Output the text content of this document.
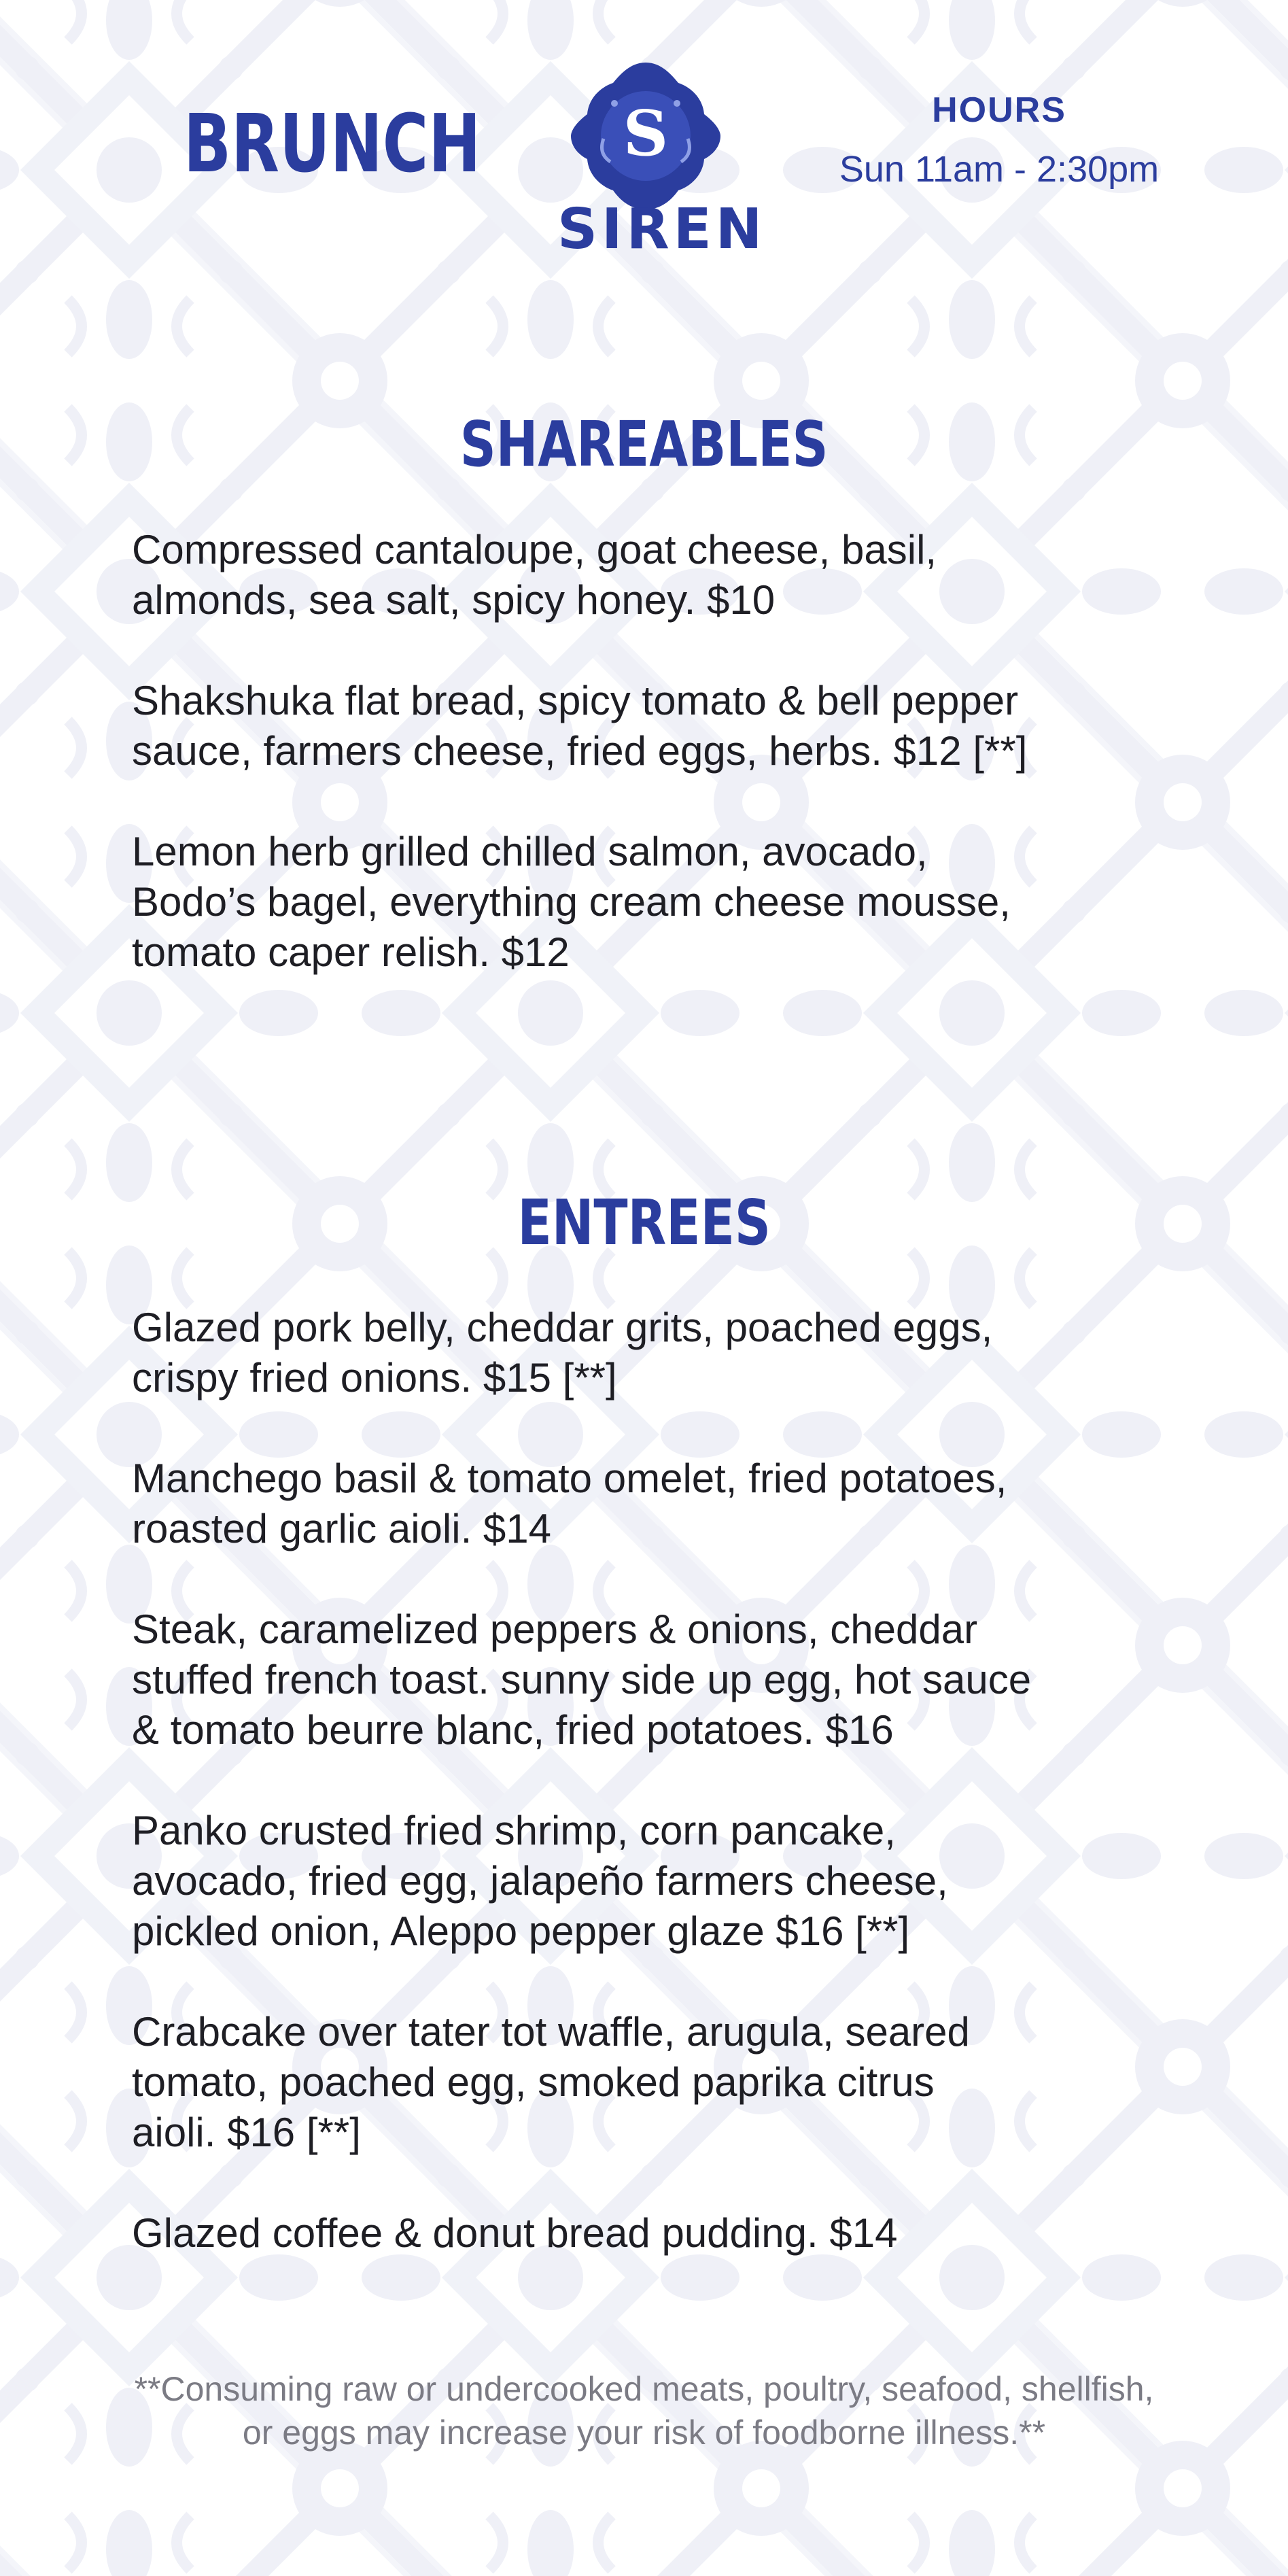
BRUNCH S
SIREN
HOURS
Sun 11am - 2:30pm
SHAREABLES
Compressed cantaloupe, goat cheese, basil,
almonds, sea salt, spicy honey. $10
Shakshuka flat bread, spicy tomato & bell pepper
sauce, farmers cheese, fried eggs, herbs. $12 [**]
Lemon herb grilled chilled salmon, avocado,
Bodo’s bagel, everything cream cheese mousse,
tomato caper relish. $12
ENTREES
Glazed pork belly, cheddar grits, poached eggs,
crispy fried onions. $15 [**]
Manchego basil & tomato omelet, fried potatoes,
roasted garlic aioli. $14
Steak, caramelized peppers & onions, cheddar
stuffed french toast. sunny side up egg, hot sauce
& tomato beurre blanc, fried potatoes. $16
Panko crusted fried shrimp, corn pancake,
avocado, fried egg, jalapeño farmers cheese,
pickled onion, Aleppo pepper glaze $16 [**]
Crabcake over tater tot waffle, arugula, seared
tomato, poached egg, smoked paprika citrus
aioli. $16 [**]
Glazed coffee & donut bread pudding. $14
**Consuming raw or undercooked meats, poultry, seafood, shellfish,
or eggs may increase your risk of foodborne illness.**
